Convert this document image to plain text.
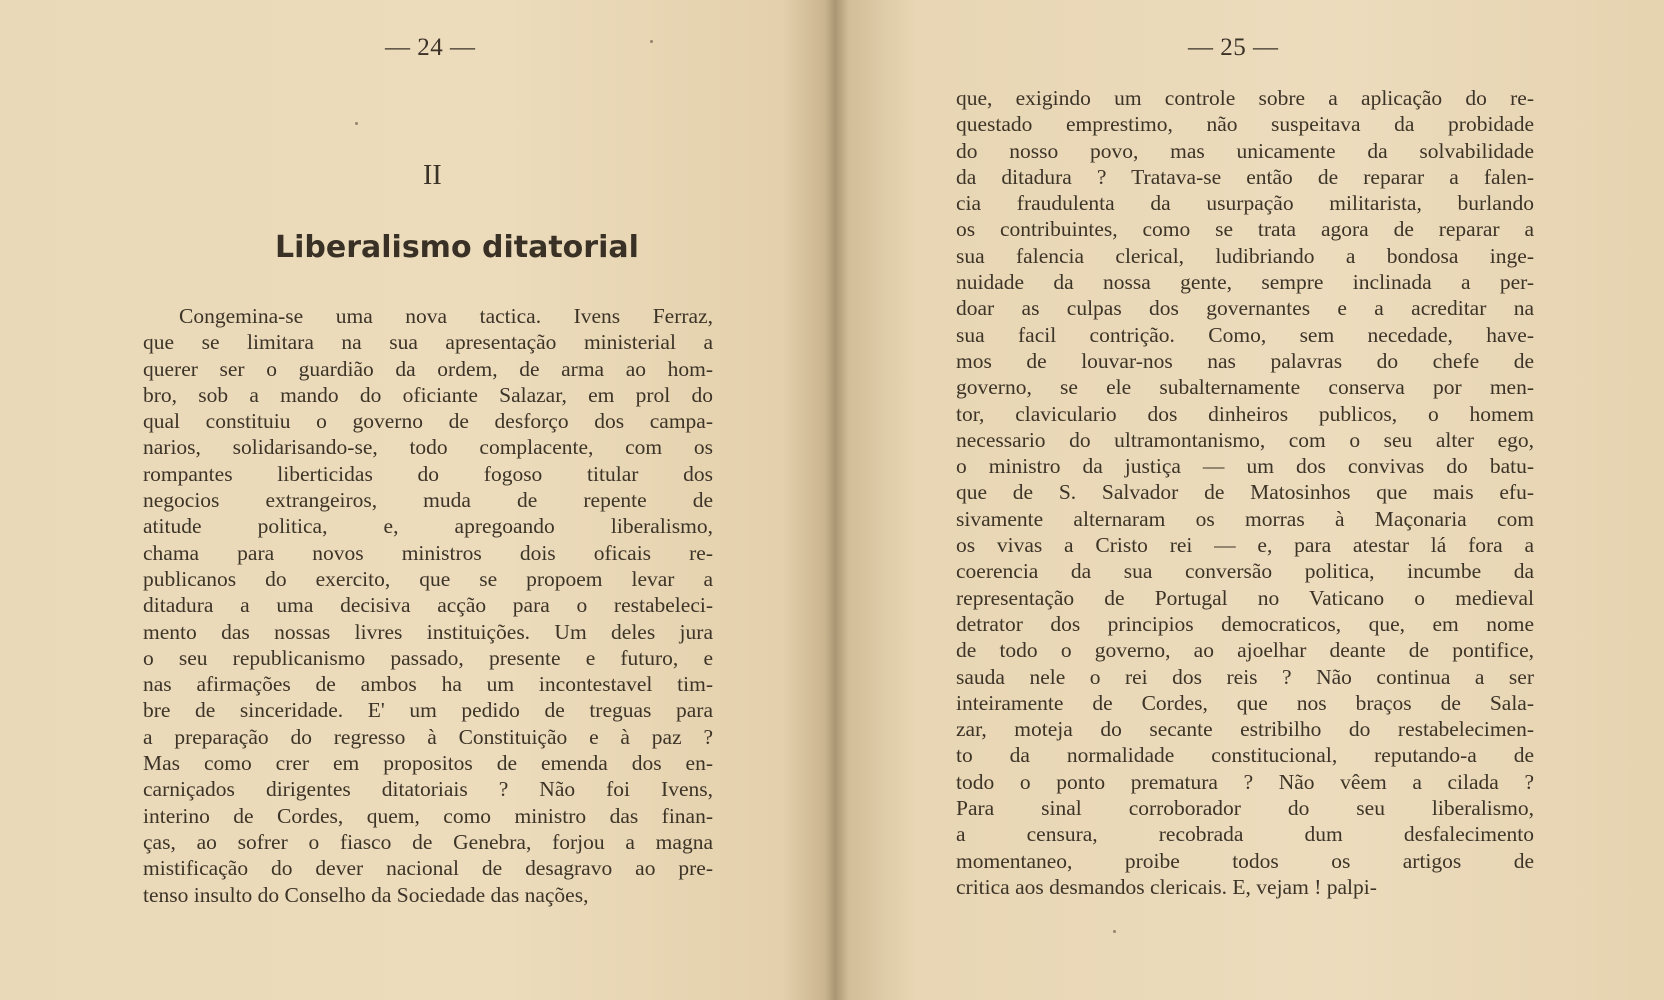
— 24 —
II
Liberalismo ditatorial
Congemina-se uma nova tactica. Ivens Ferraz,
que se limitara na sua apresentação ministerial a
querer ser o guardião da ordem, de arma ao hom-
bro, sob a mando do oficiante Salazar, em prol do
qual constituiu o governo de desforço dos campa-
narios, solidarisando-se, todo complacente, com os
rompantes liberticidas do fogoso titular dos
negocios extrangeiros, muda de repente de
atitude politica, e, apregoando liberalismo,
chama para novos ministros dois oficais re-
publicanos do exercito, que se propoem levar a
ditadura a uma decisiva acção para o restabeleci-
mento das nossas livres instituições. Um deles jura
o seu republicanismo passado, presente e futuro, e
nas afirmações de ambos ha um incontestavel tim-
bre de sinceridade. E' um pedido de treguas para
a preparação do regresso à Constituição e à paz ?
Mas como crer em propositos de emenda dos en-
carniçados dirigentes ditatoriais ? Não foi Ivens,
interino de Cordes, quem, como ministro das finan-
ças, ao sofrer o fiasco de Genebra, forjou a magna
mistificação do dever nacional de desagravo ao pre-
tenso insulto do Conselho da Sociedade das nações,
— 25 —
que, exigindo um controle sobre a aplicação do re-
questado emprestimo, não suspeitava da probidade
do nosso povo, mas unicamente da solvabilidade
da ditadura ? Tratava-se então de reparar a falen-
cia fraudulenta da usurpação militarista, burlando
os contribuintes, como se trata agora de reparar a
sua falencia clerical, ludibriando a bondosa inge-
nuidade da nossa gente, sempre inclinada a per-
doar as culpas dos governantes e a acreditar na
sua facil contrição. Como, sem necedade, have-
mos de louvar-nos nas palavras do chefe de
governo, se ele subalternamente conserva por men-
tor, claviculario dos dinheiros publicos, o homem
necessario do ultramontanismo, com o seu alter ego,
o ministro da justiça — um dos convivas do batu-
que de S. Salvador de Matosinhos que mais efu-
sivamente alternaram os morras à Maçonaria com
os vivas a Cristo rei — e, para atestar lá fora a
coerencia da sua conversão politica, incumbe da
representação de Portugal no Vaticano o medieval
detrator dos principios democraticos, que, em nome
de todo o governo, ao ajoelhar deante de pontifice,
sauda nele o rei dos reis ? Não continua a ser
inteiramente de Cordes, que nos braços de Sala-
zar, moteja do secante estribilho do restabelecimen-
to da normalidade constitucional, reputando-a de
todo o ponto prematura ? Não vêem a cilada ?
Para sinal corroborador do seu liberalismo,
a censura, recobrada dum desfalecimento
momentaneo, proibe todos os artigos de
critica aos desmandos clericais. E, vejam ! palpi-
